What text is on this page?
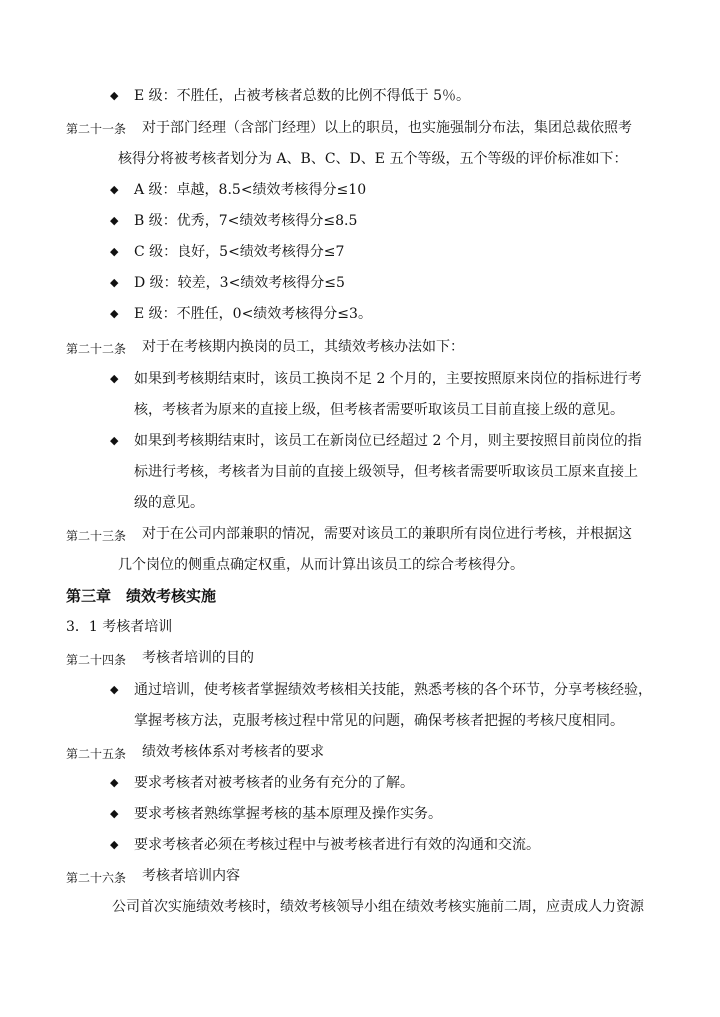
◆ E 级：不胜任，占被考核者总数的比例不得低于 5％。
第二十一条 对于部门经理（含部门经理）以上的职员，也实施强制分布法，集团总裁依照考
核得分将被考核者划分为 A、B、C、D、E 五个等级，五个等级的评价标准如下：
◆ A 级：卓越，8.5<绩效考核得分≤10
◆ B 级：优秀，7<绩效考核得分≤8.5
◆ C 级：良好，5<绩效考核得分≤7
◆ D 级：较差，3<绩效考核得分≤5
◆ E 级：不胜任，0<绩效考核得分≤3。
第二十二条 对于在考核期内换岗的员工，其绩效考核办法如下：
◆ 如果到考核期结束时，该员工换岗不足 2 个月的，主要按照原来岗位的指标进行考
核，考核者为原来的直接上级，但考核者需要听取该员工目前直接上级的意见。
◆ 如果到考核期结束时，该员工在新岗位已经超过 2 个月，则主要按照目前岗位的指
标进行考核，考核者为目前的直接上级领导，但考核者需要听取该员工原来直接上
级的意见。
第二十三条 对于在公司内部兼职的情况，需要对该员工的兼职所有岗位进行考核，并根据这
几个岗位的侧重点确定权重，从而计算出该员工的综合考核得分。
第三章　绩效考核实施
3．1 考核者培训
第二十四条 考核者培训的目的
◆ 通过培训，使考核者掌握绩效考核相关技能，熟悉考核的各个环节，分享考核经验，
掌握考核方法，克服考核过程中常见的问题，确保考核者把握的考核尺度相同。
第二十五条 绩效考核体系对考核者的要求
◆ 要求考核者对被考核者的业务有充分的了解。
◆ 要求考核者熟练掌握考核的基本原理及操作实务。
◆ 要求考核者必须在考核过程中与被考核者进行有效的沟通和交流。
第二十六条 考核者培训内容
公司首次实施绩效考核时，绩效考核领导小组在绩效考核实施前二周，应责成人力资源
